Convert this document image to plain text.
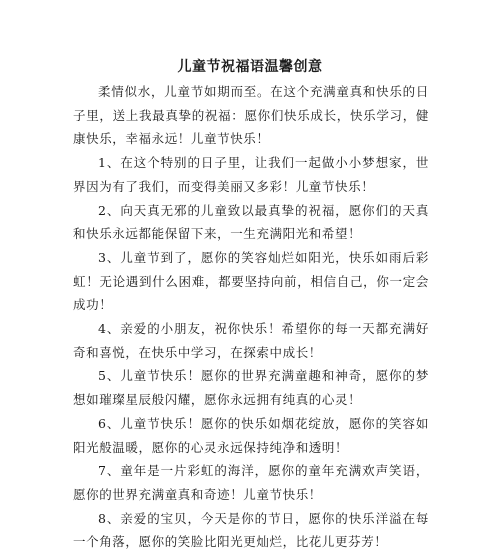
儿童节祝福语温馨创意

柔情似水，儿童节如期而至。在这个充满童真和快乐的日子里，送上我最真挚的祝福：愿你们快乐成长，快乐学习，健康快乐，幸福永远！儿童节快乐！

1、在这个特别的日子里，让我们一起做小小梦想家，世界因为有了我们，而变得美丽又多彩！儿童节快乐！

2、向天真无邪的儿童致以最真挚的祝福，愿你们的天真和快乐永远都能保留下来，一生充满阳光和希望！

3、儿童节到了，愿你的笑容灿烂如阳光，快乐如雨后彩虹！无论遇到什么困难，都要坚持向前，相信自己，你一定会成功！

4、亲爱的小朋友，祝你快乐！希望你的每一天都充满好奇和喜悦，在快乐中学习，在探索中成长！

5、儿童节快乐！愿你的世界充满童趣和神奇，愿你的梦想如璀璨星辰般闪耀，愿你永远拥有纯真的心灵！

6、儿童节快乐！愿你的快乐如烟花绽放，愿你的笑容如阳光般温暖，愿你的心灵永远保持纯净和透明！

7、童年是一片彩虹的海洋，愿你的童年充满欢声笑语，愿你的世界充满童真和奇迹！儿童节快乐！

8、亲爱的宝贝，今天是你的节日，愿你的快乐洋溢在每一个角落，愿你的笑脸比阳光更灿烂，比花儿更芬芳！
